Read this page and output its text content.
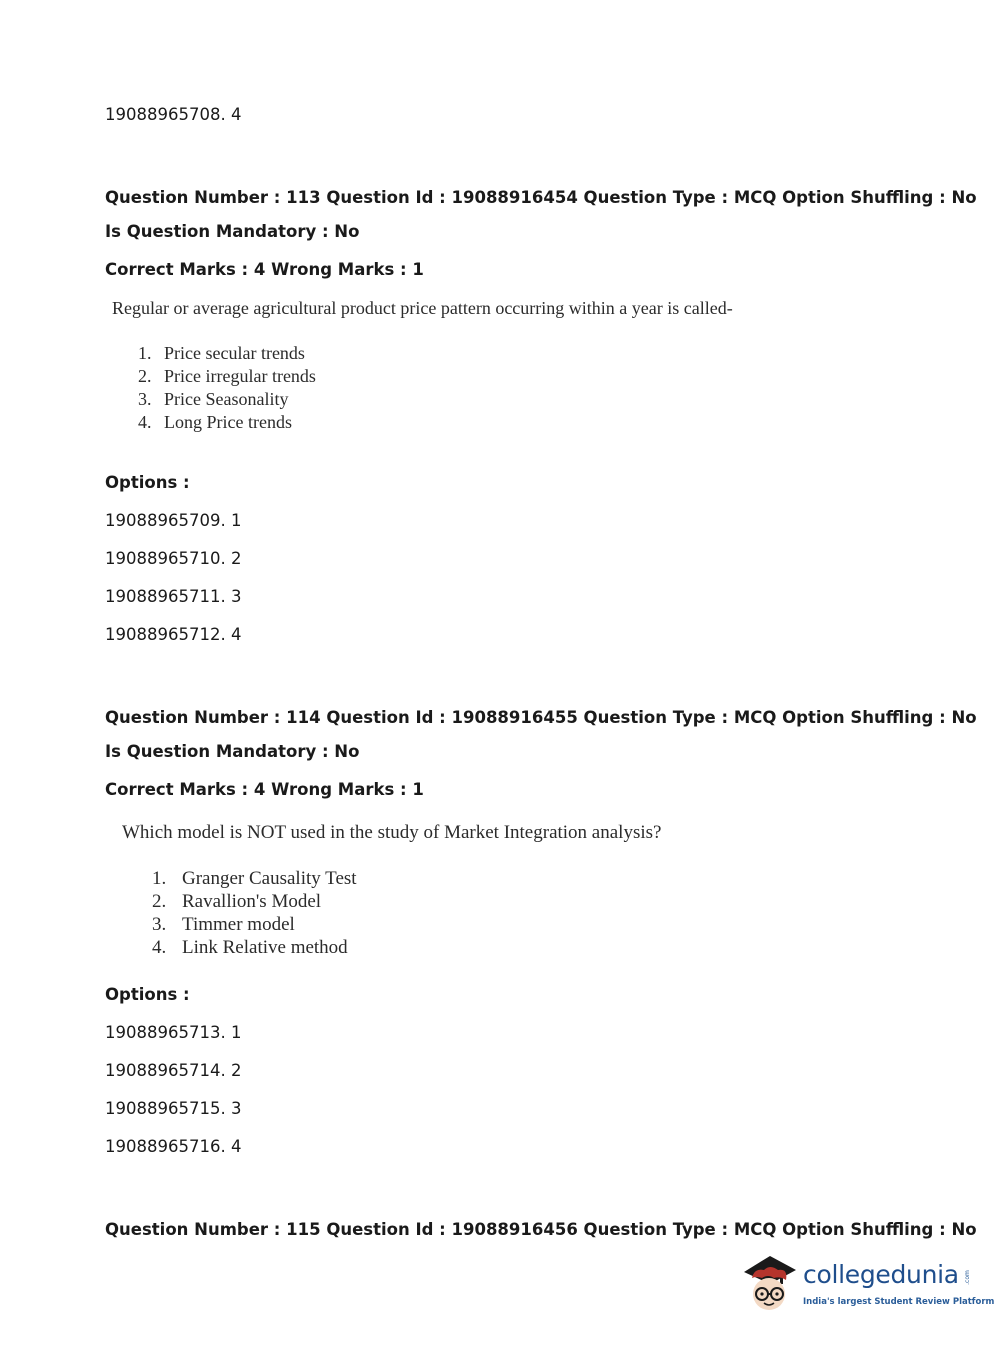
19088965708. 4
Question Number : 113 Question Id : 19088916454 Question Type : MCQ Option Shuffling : No
Is Question Mandatory : No
Correct Marks : 4 Wrong Marks : 1
Regular or average agricultural product price pattern occurring within a year is called-
1. Price secular trends
2. Price irregular trends
3. Price Seasonality
4. Long Price trends
Options :
19088965709. 1
19088965710. 2
19088965711. 3
19088965712. 4
Question Number : 114 Question Id : 19088916455 Question Type : MCQ Option Shuffling : No
Is Question Mandatory : No
Correct Marks : 4 Wrong Marks : 1
Which model is NOT used in the study of Market Integration analysis?
1. Granger Causality Test
2. Ravallion's Model
3. Timmer model
4. Link Relative method
Options :
19088965713. 1
19088965714. 2
19088965715. 3
19088965716. 4
Question Number : 115 Question Id : 19088916456 Question Type : MCQ Option Shuffling : No
collegedunia .com
India's largest Student Review Platform
